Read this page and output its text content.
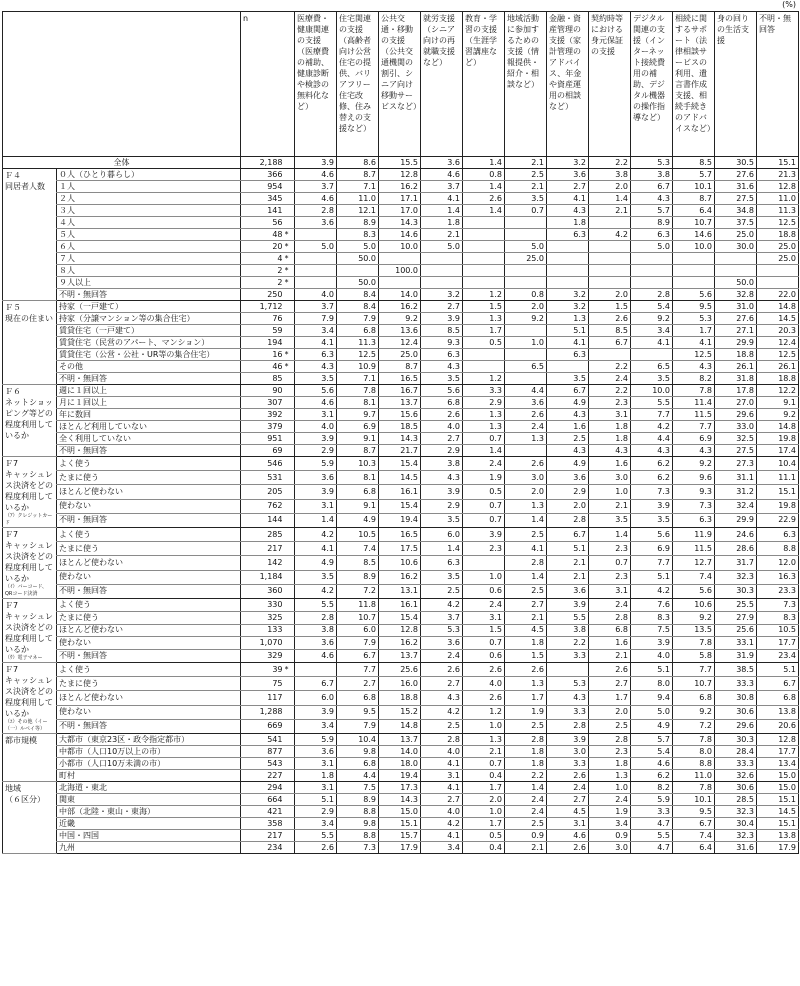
(%)
		n		医療費・健康関連の支援（医療費の補助、健康診断や検診の無料化など）	住宅関連の支援（高齢者向け公営住宅の提供、バリアフリー住宅改修、住み替えの支援など）	公共交通・移動の支援（公共交通機関の割引、シニア向け移動サービスなど）	就労支援（シニア向けの再就職支援など）	教育・学習の支援（生涯学習講座など）	地域活動に参加するための支援（情報提供・紹介・相談など）	金融・資産管理の支援（家計管理のアドバイス、年金や資産運用の相談など）	契約時等における身元保証の支援	デジタル関連の支援（インターネット接続費用の補助、デジタル機器の操作指導など）	相続に関するサポート（法律相談サービスの利用、遺言書作成支援、相続手続きのアドバイスなど）	身の回りの生活支援	不明・無回答
全体		2,188		3.9	8.6	15.5	3.6	1.4	2.1	3.2	2.2	5.3	8.5	30.5	15.1
Ｆ４
同居者人数	０人（ひとり暮らし）	366		4.6	8.7	12.8	4.6	0.8	2.5	3.6	3.8	3.8	5.7	27.6	21.3
	１人	954		3.7	7.1	16.2	3.7	1.4	2.1	2.7	2.0	6.7	10.1	31.6	12.8
	２人	345		4.6	11.0	17.1	4.1	2.6	3.5	4.1	1.4	4.3	8.7	27.5	11.0
	３人	141		2.8	12.1	17.0	1.4	1.4	0.7	4.3	2.1	5.7	6.4	34.8	11.3
	４人	56		3.6	8.9	14.3	1.8			1.8		8.9	10.7	37.5	12.5
	５人	48	*		8.3	14.6	2.1			6.3	4.2	6.3	14.6	25.0	18.8
	６人	20	*	5.0	5.0	10.0	5.0		5.0			5.0	10.0	30.0	25.0
	７人	4	*		50.0				25.0						25.0
	８人	2	*			100.0									
	９人以上	2	*		50.0									50.0	
	不明・無回答	250		4.0	8.4	14.0	3.2	1.2	0.8	3.2	2.0	2.8	5.6	32.8	22.0
Ｆ５
現在の住まい	持家（一戸建て）	1,712		3.7	8.4	16.2	2.7	1.5	2.0	3.2	1.5	5.4	9.5	31.0	14.8
	持家（分譲マンション等の集合住宅）	76		7.9	7.9	9.2	3.9	1.3	9.2	1.3	2.6	9.2	5.3	27.6	14.5
	賃貸住宅（一戸建て）	59		3.4	6.8	13.6	8.5	1.7		5.1	8.5	3.4	1.7	27.1	20.3
	賃貸住宅（民営のアパート、マンション）	194		4.1	11.3	12.4	9.3	0.5	1.0	4.1	6.7	4.1	4.1	29.9	12.4
	賃貸住宅（公営・公社・UR等の集合住宅）	16	*	6.3	12.5	25.0	6.3			6.3			12.5	18.8	12.5
	その他	46	*	4.3	10.9	8.7	4.3		6.5		2.2	6.5	4.3	26.1	26.1
	不明・無回答	85		3.5	7.1	16.5	3.5	1.2		3.5	2.4	3.5	8.2	31.8	18.8
Ｆ６
ネットショッピング等どの程度利用しているか	週に１回以上	90		5.6	7.8	16.7	5.6	3.3	4.4	6.7	2.2	10.0	7.8	17.8	12.2
	月に１回以上	307		4.6	8.1	13.7	6.8	2.9	3.6	4.9	2.3	5.5	11.4	27.0	9.1
	年に数回	392		3.1	9.7	15.6	2.6	1.3	2.6	4.3	3.1	7.7	11.5	29.6	9.2
	ほとんど利用していない	379		4.0	6.9	18.5	4.0	1.3	2.4	1.6	1.8	4.2	7.7	33.0	14.8
	全く利用していない	951		3.9	9.1	14.3	2.7	0.7	1.3	2.5	1.8	4.4	6.9	32.5	19.8
	不明・無回答	69		2.9	8.7	21.7	2.9	1.4		4.3	4.3	4.3	4.3	27.5	17.4
Ｆ7
キャッシュレス決済をどの程度利用しているか
（ｱ）クレジットカード	よく使う	546		5.9	10.3	15.4	3.8	2.4	2.6	4.9	1.6	6.2	9.2	27.3	10.4
	たまに使う	531		3.6	8.1	14.5	4.3	1.9	3.0	3.6	3.0	6.2	9.6	31.1	11.1
	ほとんど使わない	205		3.9	6.8	16.1	3.9	0.5	2.0	2.9	1.0	7.3	9.3	31.2	15.1
	使わない	762		3.1	9.1	15.4	2.9	0.7	1.3	2.0	2.1	3.9	7.3	32.4	19.8
	不明・無回答	144		1.4	4.9	19.4	3.5	0.7	1.4	2.8	3.5	3.5	6.3	29.9	22.9
Ｆ7
キャッシュレス決済をどの程度利用しているか
（ｲ）バーコード、QRコード決済	よく使う	285		4.2	10.5	16.5	6.0	3.9	2.5	6.7	1.4	5.6	11.9	24.6	6.3
	たまに使う	217		4.1	7.4	17.5	1.4	2.3	4.1	5.1	2.3	6.9	11.5	28.6	8.8
	ほとんど使わない	142		4.9	8.5	10.6	6.3		2.8	2.1	0.7	7.7	12.7	31.7	12.0
	使わない	1,184		3.5	8.9	16.2	3.5	1.0	1.4	2.1	2.3	5.1	7.4	32.3	16.3
	不明・無回答	360		4.2	7.2	13.1	2.5	0.6	2.5	3.6	3.1	4.2	5.6	30.3	23.3
Ｆ7
キャッシュレス決済をどの程度利用しているか
（ｳ）電子マネー	よく使う	330		5.5	11.8	16.1	4.2	2.4	2.7	3.9	2.4	7.6	10.6	25.5	7.3
	たまに使う	325		2.8	10.7	15.4	3.7	3.1	2.1	5.5	2.8	8.3	9.2	27.9	8.3
	ほとんど使わない	133		3.8	6.0	12.8	5.3	1.5	4.5	3.8	6.8	7.5	13.5	25.6	10.5
	使わない	1,070		3.6	7.9	16.2	3.6	0.7	1.8	2.2	1.6	3.9	7.8	33.1	17.7
	不明・無回答	329		4.6	6.7	13.7	2.4	0.6	1.5	3.3	2.1	4.0	5.8	31.9	23.4
Ｆ7
キャッシュレス決済をどの程度利用しているか
（ｴ）その他（イー（一）ルペイ等）	よく使う	39	*		7.7	25.6	2.6	2.6	2.6		2.6	5.1	7.7	38.5	5.1
	たまに使う	75		6.7	2.7	16.0	2.7	4.0	1.3	5.3	2.7	8.0	10.7	33.3	6.7
	ほとんど使わない	117		6.0	6.8	18.8	4.3	2.6	1.7	4.3	1.7	9.4	6.8	30.8	6.8
	使わない	1,288		3.9	9.5	15.2	4.2	1.2	1.9	3.3	2.0	5.0	9.2	30.6	13.8
	不明・無回答	669		3.4	7.9	14.8	2.5	1.0	2.5	2.8	2.5	4.9	7.2	29.6	20.6
都市規模	大都市（東京23区・政令指定都市）	541		5.9	10.4	13.7	2.8	1.3	2.8	3.9	2.8	5.7	7.8	30.3	12.8
	中都市（人口10万以上の市）	877		3.6	9.8	14.0	4.0	2.1	1.8	3.0	2.3	5.4	8.0	28.4	17.7
	小都市（人口10万未満の市）	543		3.1	6.8	18.0	4.1	0.7	1.8	3.3	1.8	4.6	8.8	33.3	13.4
	町村	227		1.8	4.4	19.4	3.1	0.4	2.2	2.6	1.3	6.2	11.0	32.6	15.0
地域
（６区分）	北海道・東北	294		3.1	7.5	17.3	4.1	1.7	1.4	2.4	1.0	8.2	7.8	30.6	15.0
	関東	664		5.1	8.9	14.3	2.7	2.0	2.4	2.7	2.4	5.9	10.1	28.5	15.1
	中部（北陸・東山・東海）	421		2.9	8.8	15.0	4.0	1.0	2.4	4.5	1.9	3.3	9.5	32.3	14.5
	近畿	358		3.4	9.8	15.1	4.2	1.7	2.5	3.1	3.4	4.7	6.7	30.4	15.1
	中国・四国	217		5.5	8.8	15.7	4.1	0.5	0.9	4.6	0.9	5.5	7.4	32.3	13.8
	九州	234		2.6	7.3	17.9	3.4	0.4	2.1	2.6	3.0	4.7	6.4	31.6	17.9
